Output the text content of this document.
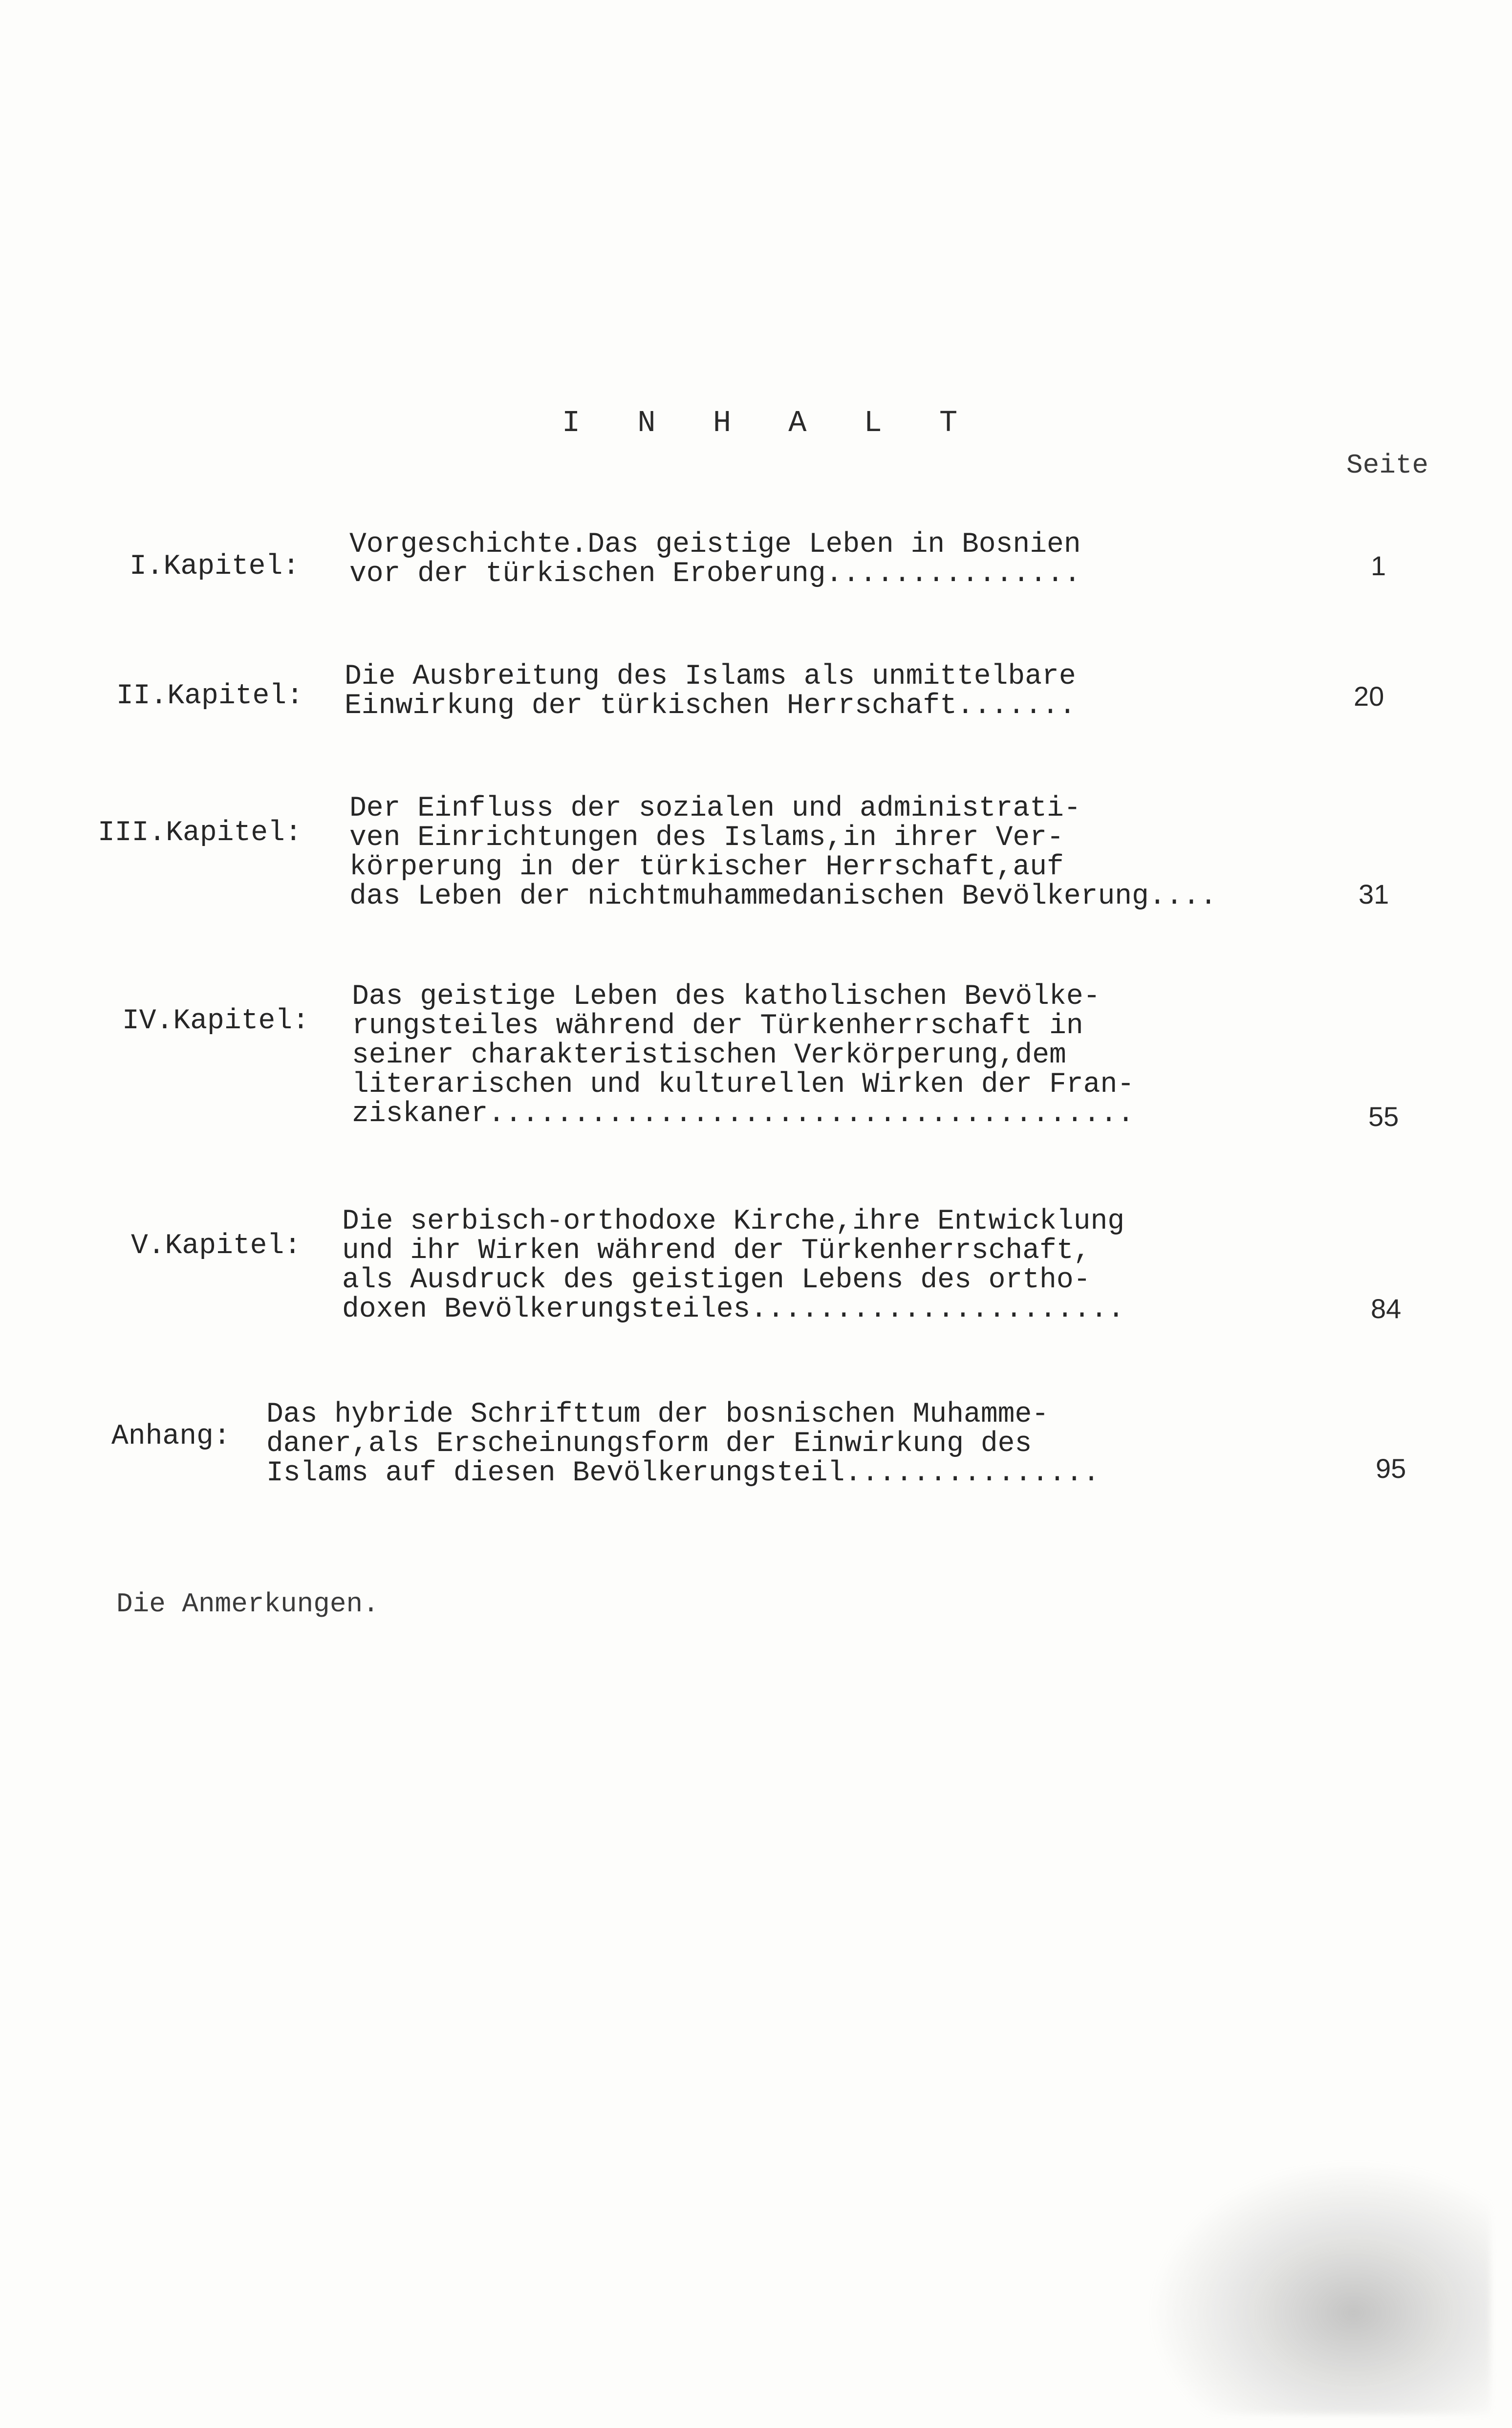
I N H A L T
Seite
I.Kapitel:
Vorgeschichte.Das geistige Leben in Bosnien
vor der türkischen Eroberung...............	1
II.Kapitel:
Die Ausbreitung des Islams als unmittelbare
Einwirkung der türkischen Herrschaft.......	20
III.Kapitel:
Der Einfluss der sozialen und administrati-
ven Einrichtungen des Islams,in ihrer Ver-
körperung in der türkischer Herrschaft,auf
das Leben der nichtmuhammedanischen Bevölkerung....	31
IV.Kapitel:
Das geistige Leben des katholischen Bevölke-
rungsteiles während der Türkenherrschaft in
seiner charakteristischen Verkörperung,dem
literarischen und kulturellen Wirken der Fran-
ziskaner......................................	55
V.Kapitel:
Die serbisch-orthodoxe Kirche,ihre Entwicklung
und ihr Wirken während der Türkenherrschaft,
als Ausdruck des geistigen Lebens des ortho-
doxen Bevölkerungsteiles......................	84
Anhang:
Das hybride Schrifttum der bosnischen Muhamme-
daner,als Erscheinungsform der Einwirkung des
Islams auf diesen Bevölkerungsteil...............	95
Die Anmerkungen.
